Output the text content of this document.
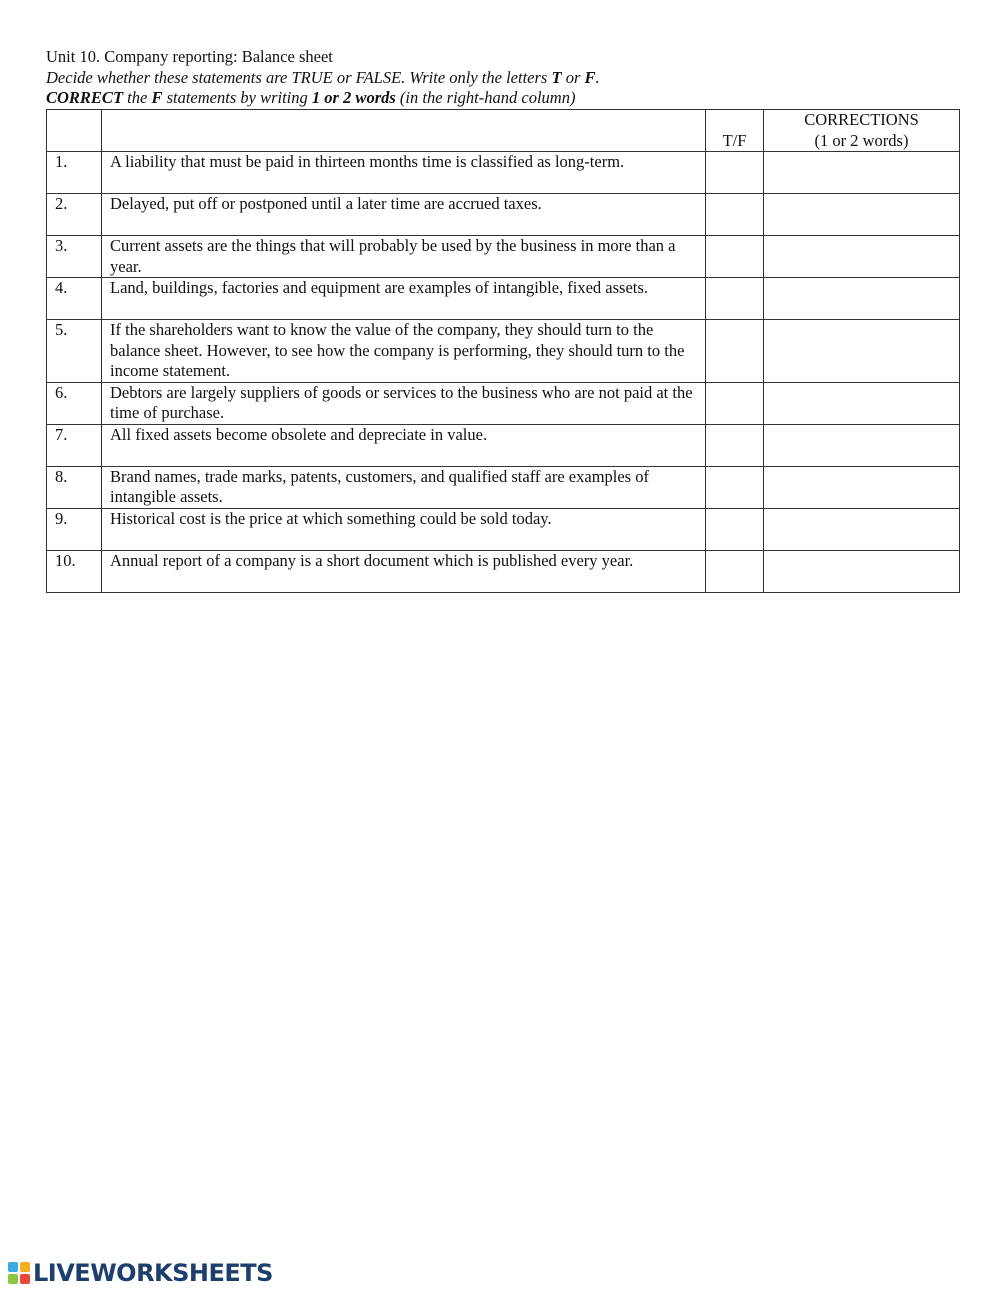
Unit 10. Company reporting: Balance sheet
Decide whether these statements are TRUE or FALSE. Write only the letters T or F.
CORRECT the F statements by writing 1 or 2 words (in the right-hand column)
		T/F	CORRECTIONS
(1 or 2 words)

1.	A liability that must be paid in thirteen months time is classified as long-term.	

2.	Delayed, put off or postponed until a later time are accrued taxes.	

3.	Current assets are the things that will probably be used by the business in more than a year.	

4.	Land, buildings, factories and equipment are examples of intangible, fixed assets.	

5.	If the shareholders want to know the value of the company, they should turn to the balance sheet. However, to see how the company is performing, they should turn to the income statement.	

6.	Debtors are largely suppliers of goods or services to the business who are not paid at the time of purchase.	

7.	All fixed assets become obsolete and depreciate in value.	

8.	Brand names, trade marks, patents, customers, and qualified staff are examples of intangible assets.	

9.	Historical cost is the price at which something could be sold today.	

10.	Annual report of a company is a short document which is published every year.	

LIVEWORKSHEETS
